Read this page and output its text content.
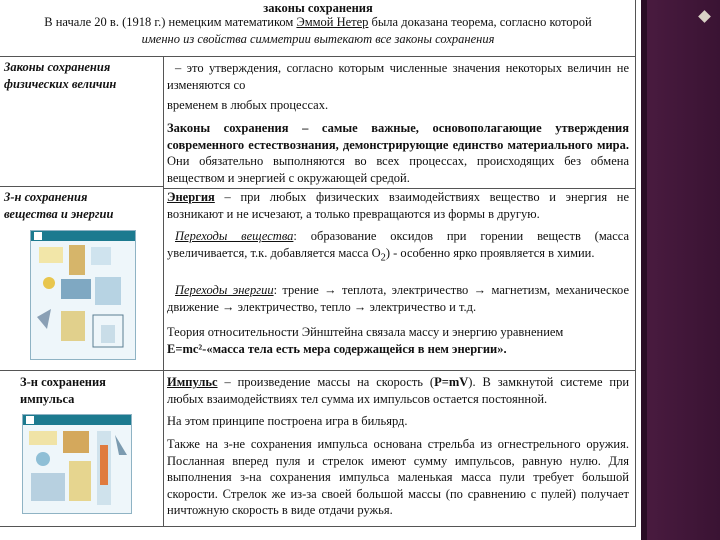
законы сохранения
В начале 20 в. (1918 г.) немецким математиком Эммой Нетер была доказана теорема, согласно которой
именно из свойства симметрии вытекают все законы сохранения
Законы сохранения
физических величин
– это утверждения, согласно которым численные значения некоторых величин не изменяются со
временем в любых процессах.
Законы сохранения – самые важные, основополагающие утверждения современного естествознания, демонстрирующие единство материального мира. Они обязательно выполняются во всех процессах, происходящих без обмена веществом и энергией с окружающей средой.
З-н сохранения
вещества и энергии
Энергия – при любых физических взаимодействиях вещество и энергия не возникают и не исчезают, а только превращаются из формы в другую.
Переходы вещества: образование оксидов при горении веществ (масса увеличивается, т.к. добавляется масса $О_2$) - особенно ярко проявляется в химии.
Переходы энергии: трение → теплота, электричество → магнетизм, механическое движение → электричество, тепло → электричество и т.д.
Теория относительности Эйнштейна связала массу и энергию уравнением
E=mc²-«масса тела есть мера содержащейся в нем энергии».
З-н сохранения
импульса
Импульс – произведение массы на скорость (P=mV). В замкнутой системе при любых взаимодействиях тел сумма их импульсов остается постоянной.
На этом принципе построена игра в бильярд.
Также на з-не сохранения импульса основана стрельба из огнестрельного оружия. Посланная вперед пуля и стрелок имеют сумму импульсов, равную нулю. Для выполнения з-на сохранения импульса маленькая масса пули требует большой скорости. Стрелок же из-за своей большой массы (по сравнению с пулей) получает ничтожную скорость в виде отдачи ружья.
